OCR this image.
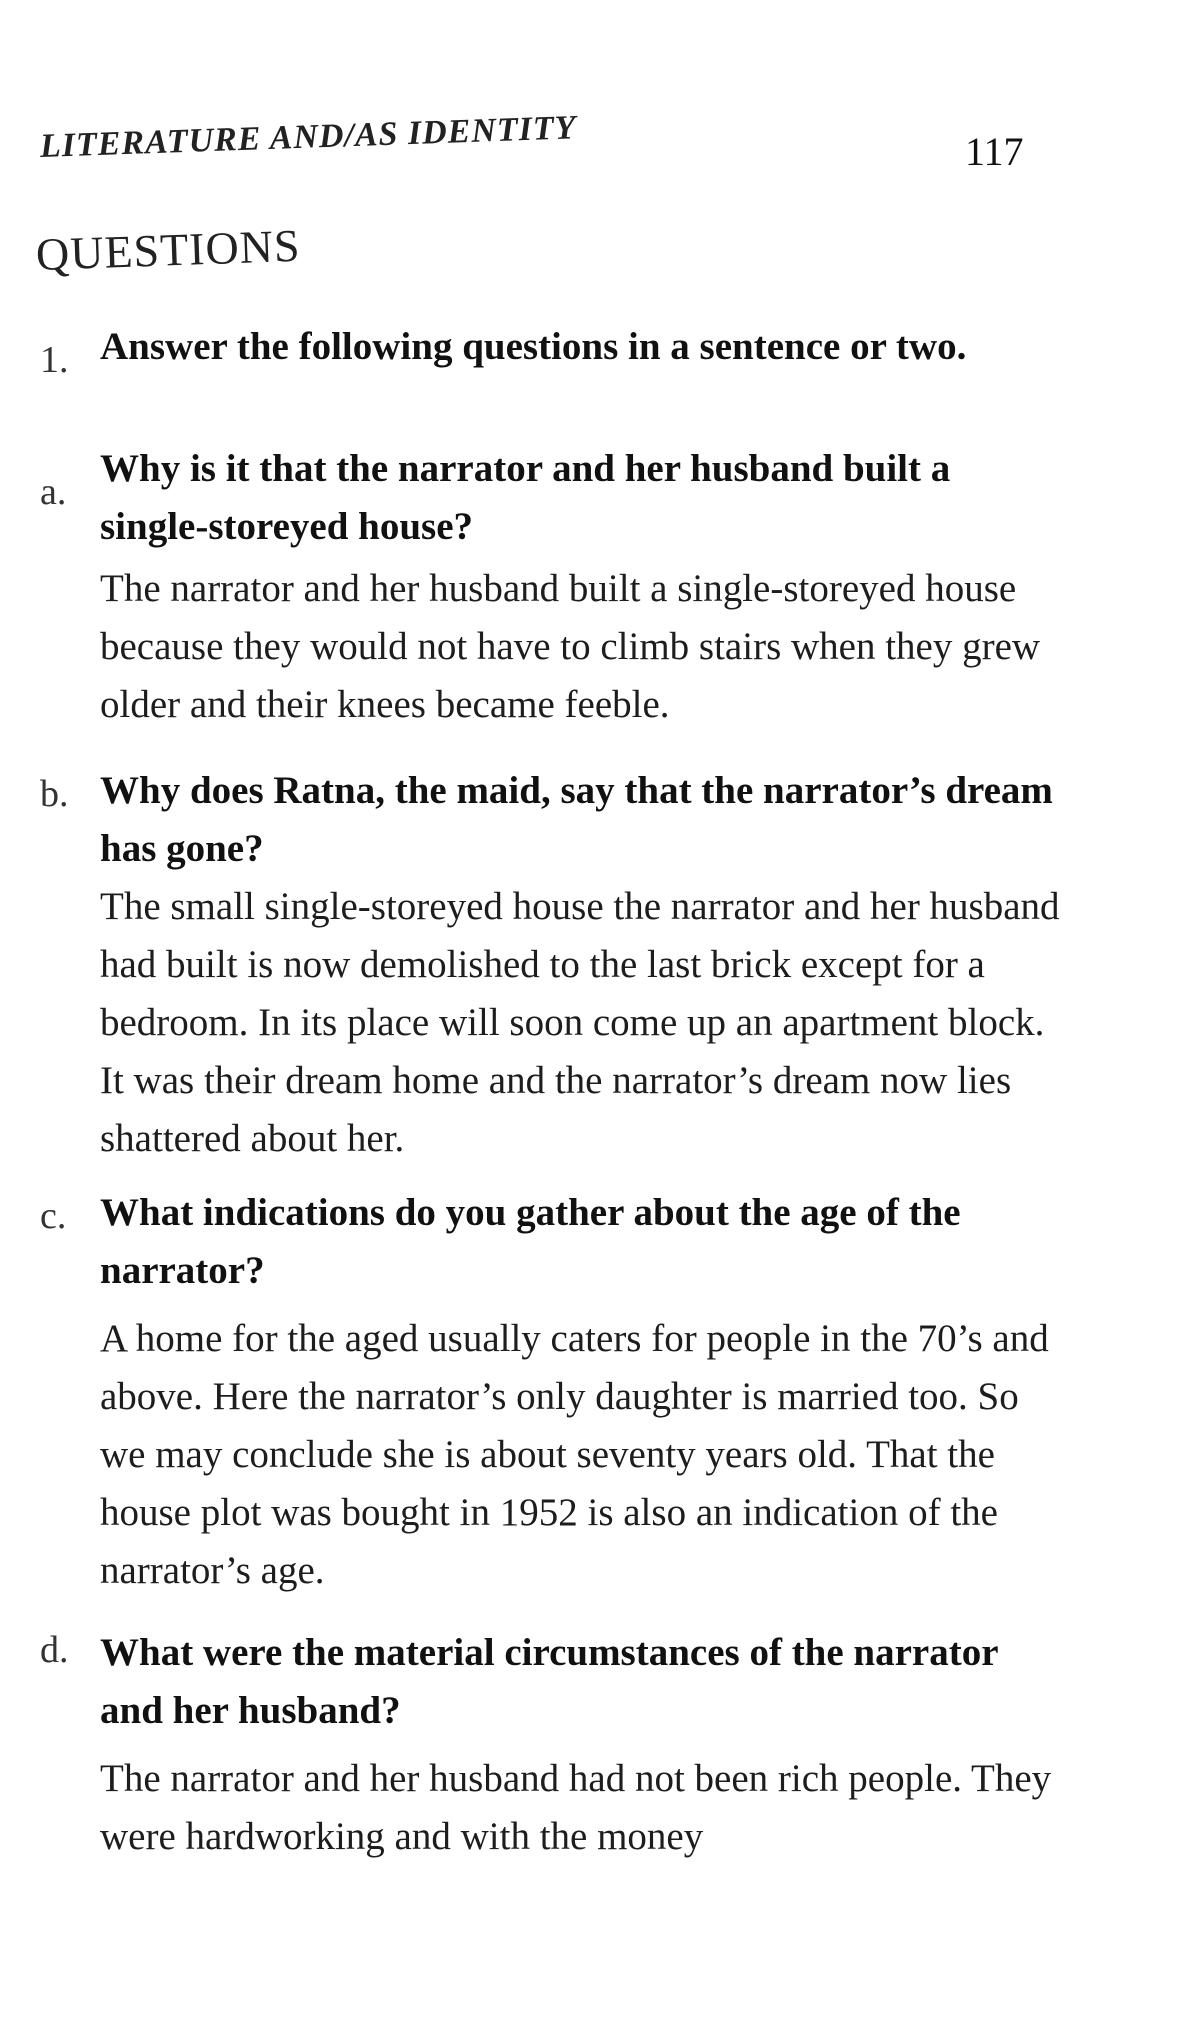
LITERATURE AND/AS IDENTITY	117
QUESTIONS
1. Answer the following questions in a sentence or two.
a.
Why is it that the narrator and her husband built a single-storeyed house?
The narrator and her husband built a single-storeyed house because they would not have to climb stairs when they grew older and their knees became feeble.
b. Why does Ratna, the maid, say that the narrator’s dream has gone?
The small single-storeyed house the narrator and her husband had built is now demolished to the last brick except for a bedroom. In its place will soon come up an apartment block. It was their dream home and the narrator’s dream now lies shattered about her.
c. What indications do you gather about the age of the narrator?
A home for the aged usually caters for people in the 70’s and above. Here the narrator’s only daughter is married too. So we may conclude she is about seventy years old. That the house plot was bought in 1952 is also an indication of the narrator’s age.
d. What were the material circumstances of the narrator and her husband?
The narrator and her husband had not been rich people. They were hardworking and with the money
